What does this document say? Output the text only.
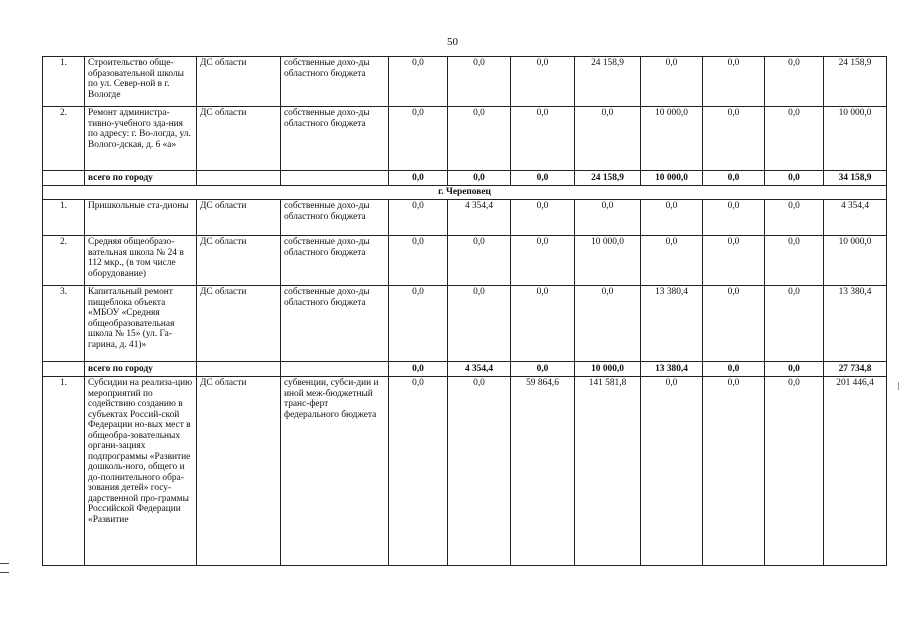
50
1.	Строительство обще-образовательной школы по ул. Север-ной в г. Вологде	ДС области	собственные дохо-ды областного бюджета	0,0	0,0	0,0	24 158,9	0,0	0,0	0,0	24 158,9
2.	Ремонт администра-тивно-учебного зда-ния по адресу: г. Во-логда, ул. Волого-дская, д. 6 «а»	ДС области	собственные дохо-ды областного бюджета	0,0	0,0	0,0	0,0	10 000,0	0,0	0,0	10 000,0
	всего по городу			0,0	0,0	0,0	24 158,9	10 000,0	0,0	0,0	34 158,9
г. Череповец											
1.	Пришкольные ста-дионы	ДС области	собственные дохо-ды областного бюджета	0,0	4 354,4	0,0	0,0	0,0	0,0	0,0	4 354,4
2.	Средняя общеобразо-вательная школа № 24 в 112 мкр., (в том числе оборудование)	ДС области	собственные дохо-ды областного бюджета	0,0	0,0	0,0	10 000,0	0,0	0,0	0,0	10 000,0
3.	Капитальный ремонт пищеблока объекта «МБОУ «Средняя общеобразовательная школа № 15» (ул. Га-гарина, д. 41)»	ДС области	собственные дохо-ды областного бюджета	0,0	0,0	0,0	0,0	13 380,4	0,0	0,0	13 380,4
	всего по городу			0,0	4 354,4	0,0	10 000,0	13 380,4	0,0	0,0	27 734,8
1.	Субсидии на реализа-цию мероприятий по содействию созданию в субъектах Россий-ской Федерации но-вых мест в общеобра-зовательных органи-зациях подпрограммы «Развитие дошколь-ного, общего и до-полнительного обра-зования детей» госу-дарственной про-граммы Российской Федерации «Развитие	ДС области	субвенции, субси-дии и иной меж-бюджетный транс-ферт федерального бюджета	0,0	0,0	59 864,6	141 581,8	0,0	0,0	0,0	201 446,4
